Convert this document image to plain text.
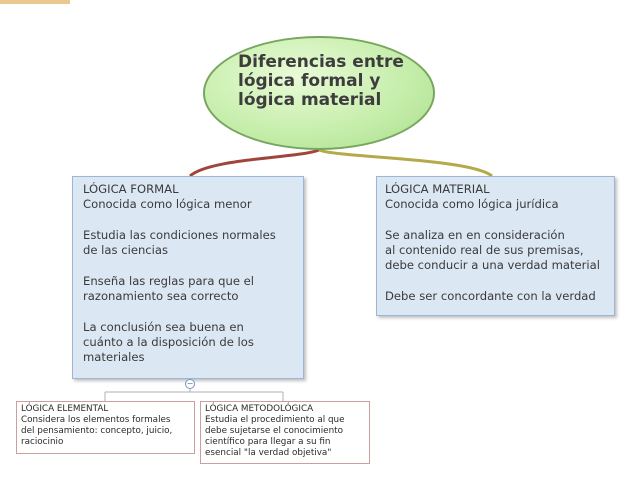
Diferencias entre
lógica formal y
lógica material
LÓGICA FORMAL
Conocida como lógica menor
Estudia las condiciones normales
de las ciencias
Enseña las reglas para que el
razonamiento sea correcto
La conclusión sea buena en
cuánto a la disposición de los
materiales
LÓGICA MATERIAL
Conocida como lógica jurídica
Se analiza en en consideración
al contenido real de sus premisas,
debe conducir a una verdad material
Debe ser concordante con la verdad
−
LÓGICA ELEMENTAL
Considera los elementos formales
del pensamiento: concepto, juicio,
raciocinio
LÓGICA METODOLÓGICA
Estudia el procedimiento al que
debe sujetarse el conocimiento
científico para llegar a su fin
esencial "la verdad objetiva"
